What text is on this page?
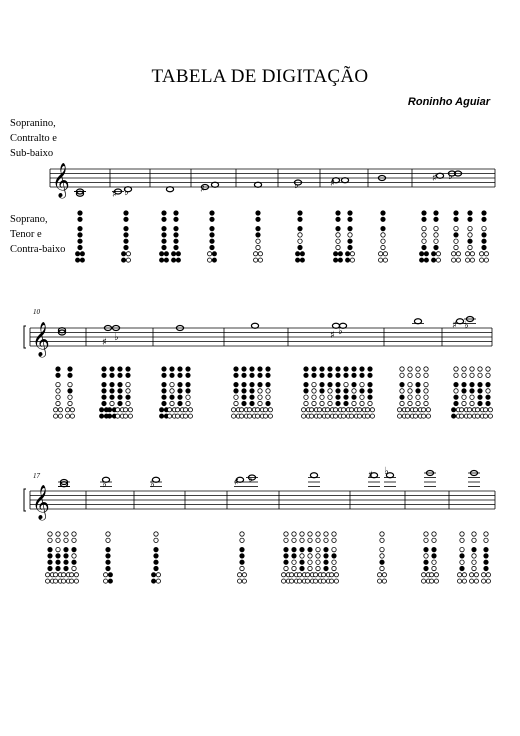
TABELA DE DIGITAÇÃO
Roninho Aguiar
Sopranino,
Contralto e
Sub-baixo
Soprano,
Tenor e
Contra-baixo
10
17
𝄞
𝄞
𝄞
♯ ♭	♯	♭	♯	♯ ♭
♯ ♭	♯ ♭
♯ ♭
♭	♭	♯ ♭	♯ ♭
